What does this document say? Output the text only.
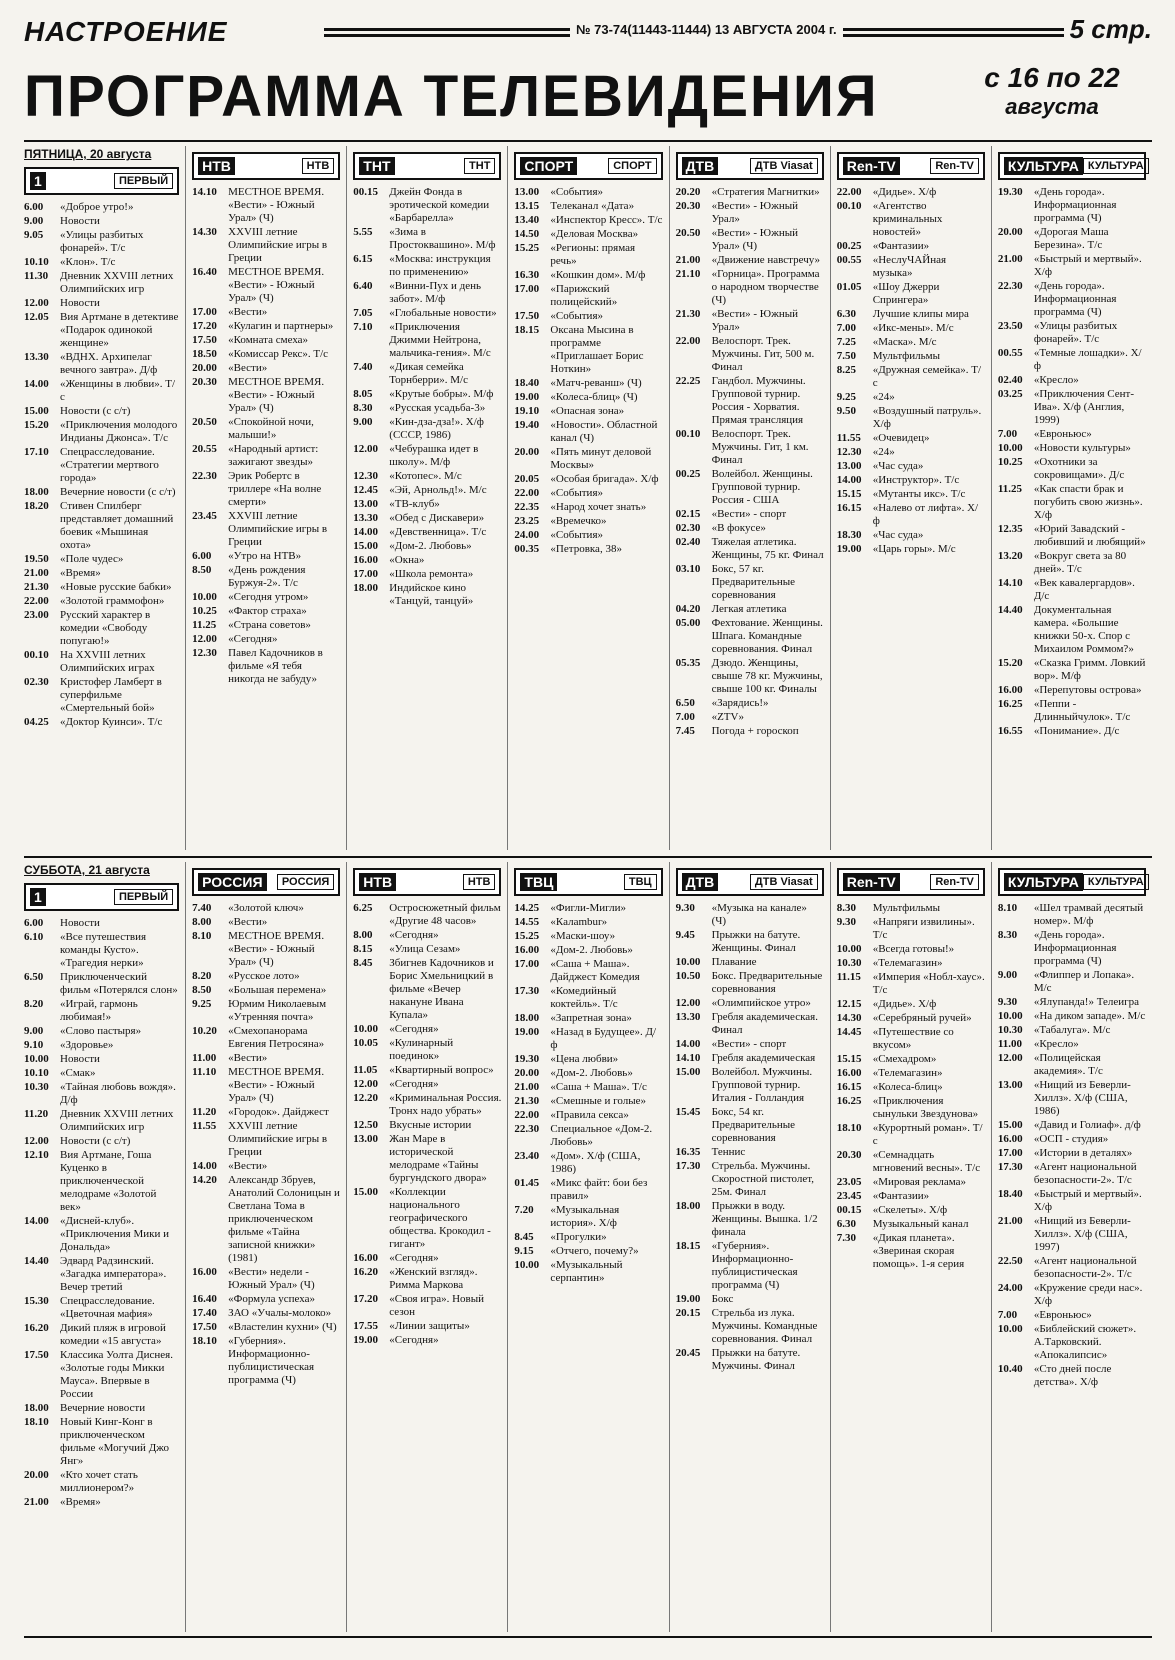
НАСТРОЕНИЕ	№ 73-74(11443-11444) 13 АВГУСТА 2004 г.	5 стр.
ПРОГРАММА ТЕЛЕВИДЕНИЯ	с 16 по 22
августа
ПЯТНИЦА, 20 августа
1	ПЕРВЫЙ
6.00	«Доброе утро!»
9.00	Новости
9.05	«Улицы разбитых фонарей». Т/с
10.10	«Клон». Т/с
11.30	Дневник XXVIII летних Олимпийских игр
12.00	Новости
12.05	Вия Артмане в детективе «Подарок одинокой женщине»
13.30	«ВДНХ. Архипелаг вечного завтра». Д/ф
14.00	«Женщины в любви». Т/с
15.00	Новости (с с/т)
15.20	«Приключения молодого Индианы Джонса». Т/с
17.10	Спецрасследование. «Стратегии мертвого города»
18.00	Вечерние новости (с с/т)
18.20	Стивен Спилберг представляет домашний боевик «Мышиная охота»
19.50	«Поле чудес»
21.00	«Время»
21.30	«Новые русские бабки»
22.00	«Золотой граммофон»
23.00	Русский характер в комедии «Свободу попугаю!»
00.10	На XXVIII летних Олимпийских играх
02.30	Кристофер Ламберт в суперфильме «Смертельный бой»
04.25	«Доктор Куинси». Т/с
НТВ	НТВ
14.10	МЕСТНОЕ ВРЕМЯ. «Вести» - Южный Урал» (Ч)
14.30	XXVIII летние Олимпийские игры в Греции
16.40	МЕСТНОЕ ВРЕМЯ. «Вести» - Южный Урал» (Ч)
17.00	«Вести»
17.20	«Кулагин и партнеры»
17.50	«Комната смеха»
18.50	«Комиссар Рекс». Т/с
20.00	«Вести»
20.30	МЕСТНОЕ ВРЕМЯ. «Вести» - Южный Урал» (Ч)
20.50	«Спокойной ночи, малыши!»
20.55	«Народный артист: зажигают звезды»
22.30	Эрик Робертс в триллере «На волне смерти»
23.45	XXVIII летние Олимпийские игры в Греции
6.00	«Утро на НТВ»
8.50	«День рождения Буржуя-2». Т/с
10.00	«Сегодня утром»
10.25	«Фактор страха»
11.25	«Страна советов»
12.00	«Сегодня»
12.30	Павел Кадочников в фильме «Я тебя никогда не забуду»
ТНТ	ТНТ
00.15	Джейн Фонда в эротической комедии «Барбарелла»
5.55	«Зима в Простоквашино». М/ф
6.15	«Москва: инструкция по применению»
6.40	«Винни-Пух и день забот». М/ф
7.05	«Глобальные новости»
7.10	«Приключения Джимми Нейтрона, мальчика-гения». М/с
7.40	«Дикая семейка Торнберри». М/с
8.05	«Крутые бобры». М/ф
8.30	«Русская усадьба-3»
9.00	«Кин-дза-дза!». Х/ф (СССР, 1986)
12.00	«Чебурашка идет в школу». М/ф
12.30	«Котопес». М/с
12.45	«Эй, Арнольд!». М/с
13.00	«ТВ-клуб»
13.30	«Обед с Дискавери»
14.00	«Девственница». Т/с
15.00	«Дом-2. Любовь»
16.00	«Окна»
17.00	«Школа ремонта»
18.00	Индийское кино «Танцуй, танцуй»
СПОРТ	СПОРТ
13.00	«События»
13.15	Телеканал «Дата»
13.40	«Инспектор Кресс». Т/с
14.50	«Деловая Москва»
15.25	«Регионы: прямая речь»
16.30	«Кошкин дом». М/ф
17.00	«Парижский полицейский»
17.50	«События»
18.15	Оксана Мысина в программе «Приглашает Борис Ноткин»
18.40	«Матч-реванш» (Ч)
19.00	«Колеса-блиц» (Ч)
19.10	«Опасная зона»
19.40	«Новости». Областной канал (Ч)
20.00	«Пять минут деловой Москвы»
20.05	«Особая бригада». Х/ф
22.00	«События»
22.35	«Народ хочет знать»
23.25	«Времечко»
24.00	«События»
00.35	«Петровка, 38»
ДТВ	ДТВ Viasat
20.20	«Стратегия Магнитки»
20.30	«Вести» - Южный Урал»
20.50	«Вести» - Южный Урал» (Ч)
21.00	«Движение навстречу»
21.10	«Горница». Программа о народном творчестве (Ч)
21.30	«Вести» - Южный Урал»
22.00	Велоспорт. Трек. Мужчины. Гит, 500 м. Финал
22.25	Гандбол. Мужчины. Групповой турнир. Россия - Хорватия. Прямая трансляция
00.10	Велоспорт. Трек. Мужчины. Гит, 1 км. Финал
00.25	Волейбол. Женщины. Групповой турнир. Россия - США
02.15	«Вести» - спорт
02.30	«В фокусе»
02.40	Тяжелая атлетика. Женщины, 75 кг. Финал
03.10	Бокс, 57 кг. Предварительные соревнования
04.20	Легкая атлетика
05.00	Фехтование. Женщины. Шпага. Командные соревнования. Финал
05.35	Дзюдо. Женщины, свыше 78 кг. Мужчины, свыше 100 кг. Финалы
6.50	«Зарядись!»
7.00	«ZTV»
7.45	Погода + гороскоп
Ren-TV	Ren-TV
22.00	«Дидье». Х/ф
00.10	«Агентство криминальных новостей»
00.25	«Фантазии»
00.55	«НеслуЧАЙная музыка»
01.05	«Шоу Джерри Спрингера»
6.30	Лучшие клипы мира
7.00	«Икс-мены». М/с
7.25	«Маска». М/с
7.50	Мультфильмы
8.25	«Дружная семейка». Т/с
9.25	«24»
9.50	«Воздушный патруль». Х/ф
11.55	«Очевидец»
12.30	«24»
13.00	«Час суда»
14.00	«Инструктор». Т/с
15.15	«Мутанты икс». Т/с
16.15	«Налево от лифта». Х/ф
18.30	«Час суда»
19.00	«Царь горы». М/с
КУЛЬТУРА КУЛЬТУРА
19.30	«День города». Информационная программа (Ч)
20.00	«Дорогая Маша Березина». Т/с
21.00	«Быстрый и мертвый». Х/ф
22.30	«День города». Информационная программа (Ч)
23.50	«Улицы разбитых фонарей». Т/с
00.55	«Темные лошадки». Х/ф
02.40	«Кресло»
03.25	«Приключения Сент-Ива». Х/ф (Англия, 1999)
7.00	«Евроньюс»
10.00	«Новости культуры»
10.25	«Охотники за сокровищами». Д/с
11.25	«Как спасти брак и погубить свою жизнь». Х/ф
12.35	«Юрий Завадский - любивший и любящий»
13.20	«Вокруг света за 80 дней». Т/с
14.10	«Век кавалергардов». Д/с
14.40	Документальная камера. «Большие книжки 50-х. Спор с Михаилом Роммом?»
15.20	«Сказка Гримм. Ловкий вор». М/ф
16.00	«Перепутовы острова»
16.25	«Пеппи - Длинныйчулок». Т/с
16.55	«Понимание». Д/с
СУББОТА, 21 августа
1	ПЕРВЫЙ
6.00	Новости
6.10	«Все путешествия команды Кусто». «Трагедия нерки»
6.50	Приключенческий фильм «Потерялся слон»
8.20	«Играй, гармонь любимая!»
9.00	«Слово пастыря»
9.10	«Здоровье»
10.00	Новости
10.10	«Смак»
10.30	«Тайная любовь вождя». Д/ф
11.20	Дневник XXVIII летних Олимпийских игр
12.00	Новости (с с/т)
12.10	Вия Артмане, Гоша Куценко в приключенческой мелодраме «Золотой век»
14.00	«Дисней-клуб». «Приключения Мики и Дональда»
14.40	Эдвард Радзинский. «Загадка императора». Вечер третий
15.30	Спецрасследование. «Цветочная мафия»
16.20	Дикий пляж в игровой комедии «15 августа»
17.50	Классика Уолта Диснея. «Золотые годы Микки Мауса». Впервые в России
18.00	Вечерние новости
18.10	Новый Кинг-Конг в приключенческом фильме «Могучий Джо Янг»
20.00	«Кто хочет стать миллионером?»
21.00	«Время»
РОССИЯ	РОССИЯ
7.40	«Золотой ключ»
8.00	«Вести»
8.10	МЕСТНОЕ ВРЕМЯ. «Вести» - Южный Урал» (Ч)
8.20	«Русское лото»
8.50	«Большая перемена»
9.25	Юрмим Николаевым «Утренняя почта»
10.20	«Смехопанорама Евгения Петросяна»
11.00	«Вести»
11.10	МЕСТНОЕ ВРЕМЯ. «Вести» - Южный Урал» (Ч)
11.20	«Городок». Дайджест
11.55	XXVIII летние Олимпийские игры в Греции
14.00	«Вести»
14.20	Александр Збруев, Анатолий Солоницын и Светлана Тома в приключенческом фильме «Тайна записной книжки» (1981)
16.00	«Вести» недели - Южный Урал» (Ч)
16.40	«Формула успеха»
17.40	ЗАО «Учалы-молоко»
17.50	«Властелин кухни» (Ч)
18.10	«Губерния». Информационно-публицистическая программа (Ч)
НТВ	НТВ
6.25	Остросюжетный фильм «Другие 48 часов»
8.00	«Сегодня»
8.15	«Улица Сезам»
8.45	Збигнев Кадочников и Борис Хмельницкий в фильме «Вечер накануне Ивана Купала»
10.00	«Сегодня»
10.05	«Кулинарный поединок»
11.05	«Квартирный вопрос»
12.00	«Сегодня»
12.20	«Криминальная Россия. Тронх надо убрать»
12.50	Вкусные истории
13.00	Жан Маре в исторической мелодраме «Тайны бургундского двора»
15.00	«Коллекции национального географического общества. Крокодил - гигант»
16.00	«Сегодня»
16.20	«Женский взгляд». Римма Маркова
17.20	«Своя игра». Новый сезон
17.55	«Линии защиты»
19.00	«Сегодня»
ТВЦ	ТВЦ
14.25	«Фигли-Мигли»
14.55	«Калambur»
15.25	«Маски-шоу»
16.00	«Дом-2. Любовь»
17.00	«Саша + Маша». Дайджест Комедия
17.30	«Комедийный коктейль». Т/с
18.00	«Запретная зона»
19.00	«Назад в Будущее». Д/ф
19.30	«Цена любви»
20.00	«Дом-2. Любовь»
21.00	«Саша + Маша». Т/с
21.30	«Смешные и голые»
22.00	«Правила секса»
22.30	Специальное «Дом-2. Любовь»
23.40	«Дом». Х/ф (США, 1986)
01.45	«Микс файт: бои без правил»
7.20	«Музыкальная история». Х/ф
8.45	«Прогулки»
9.15	«Отчего, почему?»
10.00	«Музыкальный серпантин»
ДТВ	ДТВ Viasat
9.30	«Музыка на канале» (Ч)
9.45	Прыжки на батуте. Женщины. Финал
10.00	Плавание
10.50	Бокс. Предварительные соревнования
12.00	«Олимпийское утро»
13.30	Гребля академическая. Финал
14.00	«Вести» - спорт
14.10	Гребля академическая
15.00	Волейбол. Мужчины. Групповой турнир. Италия - Голландия
15.45	Бокс, 54 кг. Предварительные соревнования
16.35	Теннис
17.30	Стрельба. Мужчины. Скоростной пистолет, 25м. Финал
18.00	Прыжки в воду. Женщины. Вышка. 1/2 финала
18.15	«Губерния». Информационно-публицистическая программа (Ч)
19.00	Бокс
20.15	Стрельба из лука. Мужчины. Командные соревнования. Финал
20.45	Прыжки на батуте. Мужчины. Финал
Ren-TV	Ren-TV
8.30	Мультфильмы
9.30	«Напряги извилины». Т/с
10.00	«Всегда готовы!»
10.30	«Телемагазин»
11.15	«Империя «Нобл-хаус». Т/с
12.15	«Дидье». Х/ф
14.30	«Серебряный ручей»
14.45	«Путешествие со вкусом»
15.15	«Смехадром»
16.00	«Телемагазин»
16.15	«Колеса-блиц»
16.25	«Приключения сынульки Звездунова»
18.10	«Курортный роман». Т/с
20.30	«Семнадцать мгновений весны». Т/с
23.05	«Мировая реклама»
23.45	«Фантазии»
00.15	«Скелеты». Х/ф
6.30	Музыкальный канал
7.30	«Дикая планета». «Звериная скорая помощь». 1-я серия
КУЛЬТУРА КУЛЬТУРА
8.10	«Шел трамвай десятый номер». М/ф
8.30	«День города». Информационная программа (Ч)
9.00	«Флиппер и Лопака». М/с
9.30	«Ялупанда!» Телеигра
10.00	«На диком западе». М/с
10.30	«Табалуга». М/с
11.00	«Кресло»
12.00	«Полицейская академия». Т/с
13.00	«Нищий из Беверли-Хиллз». Х/ф (США, 1986)
15.00	«Давид и Голиаф». д/ф
16.00	«ОСП - студия»
17.00	«Истории в деталях»
17.30	«Агент национальной безопасности-2». Т/с
18.40	«Быстрый и мертвый». Х/ф
21.00	«Нищий из Беверли-Хиллз». Х/ф (США, 1997)
22.50	«Агент национальной безопасности-2». Т/с
24.00	«Кружение среди нас». Х/ф
7.00	«Евроньюс»
10.00	«Библейский сюжет». А.Тарковский. «Апокалипсис»
10.40	«Сто дней после детства». Х/ф
